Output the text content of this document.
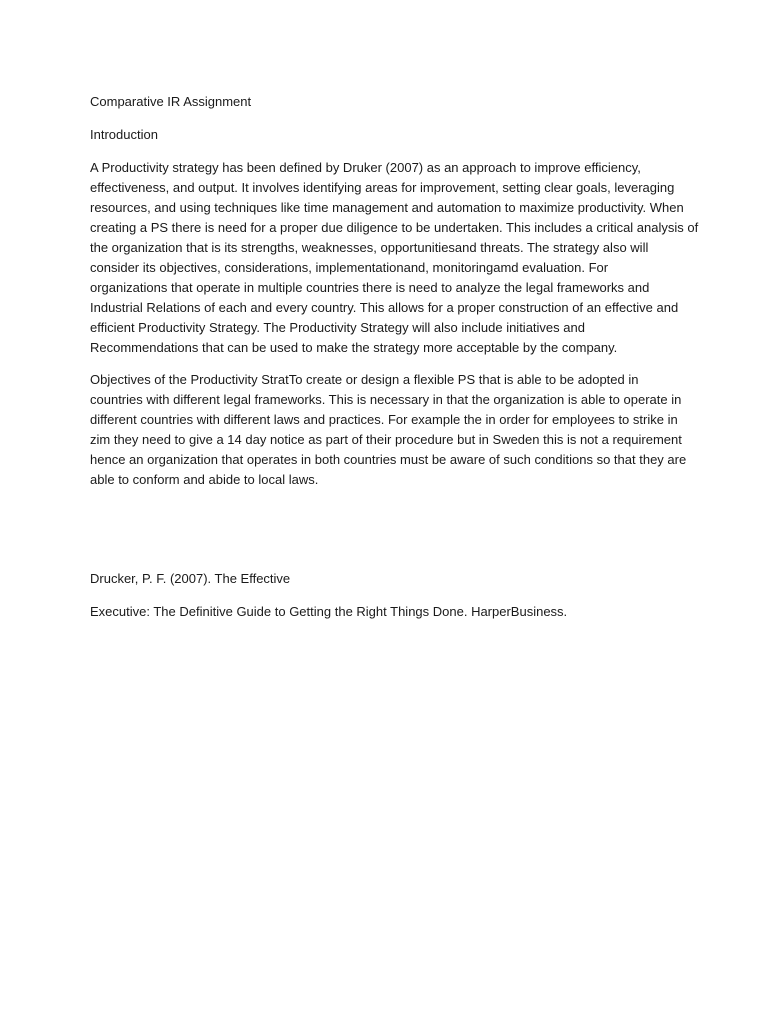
Comparative IR Assignment
Introduction
A Productivity strategy has been defined by Druker (2007) as an approach to improve efficiency,
effectiveness, and output. It involves identifying areas for improvement, setting clear goals, leveraging
resources, and using techniques like time management and automation to maximize productivity. When
creating a PS there is need for a proper due diligence to be undertaken. This includes a critical analysis of
the organization that is its strengths, weaknesses, opportunitiesand threats. The strategy also will
consider its objectives, considerations, implementationand, monitoringamd evaluation. For
organizations that operate in multiple countries there is need to analyze the legal frameworks and
Industrial Relations of each and every country. This allows for a proper construction of an effective and
efficient Productivity Strategy. The Productivity Strategy will also include initiatives and
Recommendations that can be used to make the strategy more acceptable by the company.
Objectives of the Productivity StratTo create or design a flexible PS that is able to be adopted in
countries with different legal frameworks. This is necessary in that the organization is able to operate in
different countries with different laws and practices. For example the in order for employees to strike in
zim they need to give a 14 day notice as part of their procedure but in Sweden this is not a requirement
hence an organization that operates in both countries must be aware of such conditions so that they are
able to conform and abide to local laws.
Drucker, P. F. (2007). The Effective
Executive: The Definitive Guide to Getting the Right Things Done. HarperBusiness.
